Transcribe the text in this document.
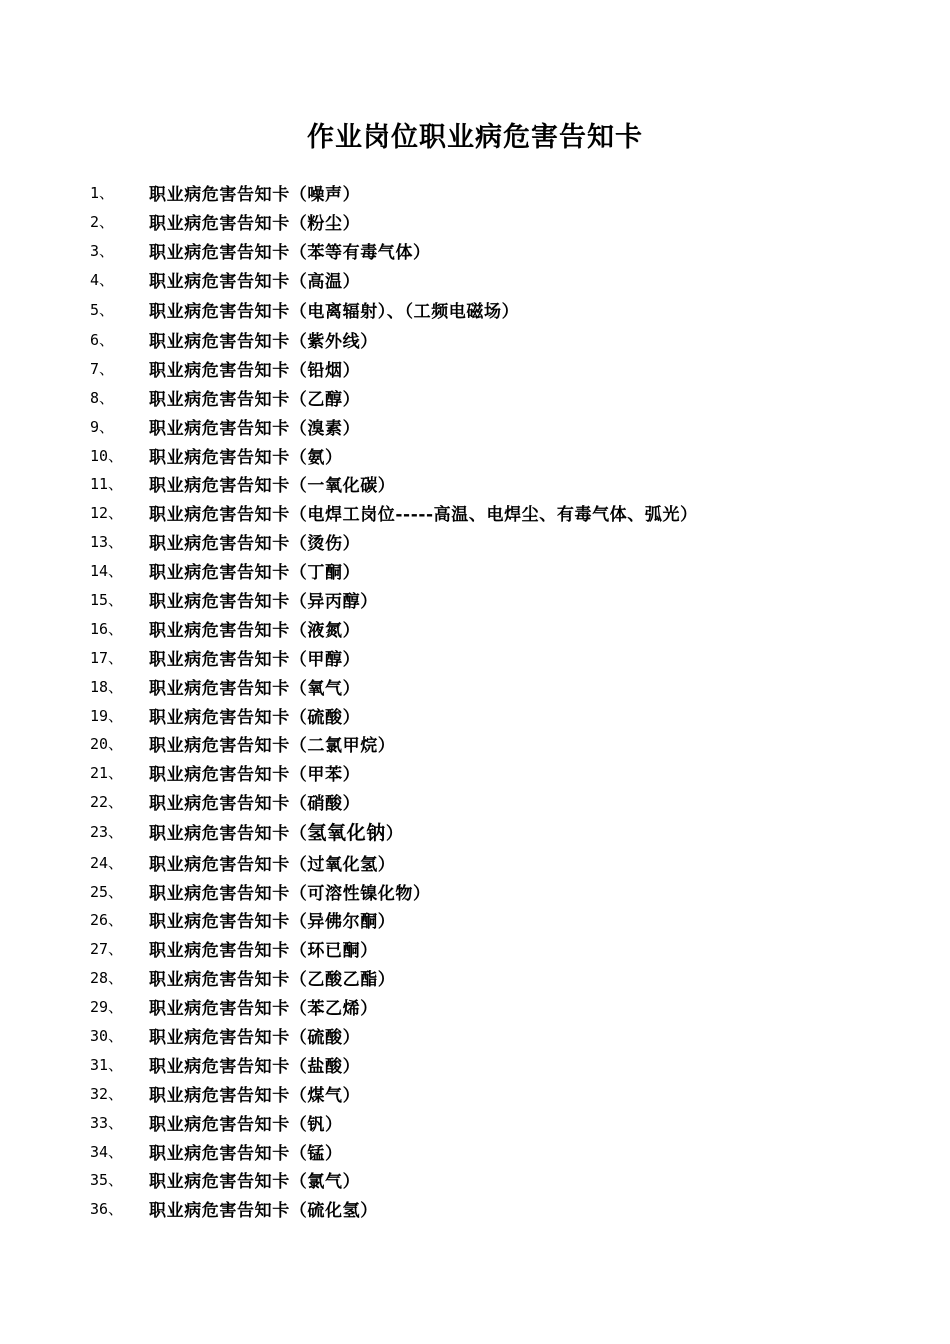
作业岗位职业病危害告知卡
1、	职业病危害告知卡（噪声）
2、	职业病危害告知卡（粉尘）
3、	职业病危害告知卡（苯等有毒气体）
4、	职业病危害告知卡（高温）
5、	职业病危害告知卡（电离辐射）、（工频电磁场）
6、	职业病危害告知卡（紫外线）
7、	职业病危害告知卡（铅烟）
8、	职业病危害告知卡（乙醇）
9、	职业病危害告知卡（溴素）
10、	职业病危害告知卡（氨）
11、	职业病危害告知卡（一氧化碳）
12、	职业病危害告知卡（电焊工岗位-----高温、电焊尘、有毒气体、弧光）
13、	职业病危害告知卡（烫伤）
14、	职业病危害告知卡（丁酮）
15、	职业病危害告知卡（异丙醇）
16、	职业病危害告知卡（液氮）
17、	职业病危害告知卡（甲醇）
18、	职业病危害告知卡（氧气）
19、	职业病危害告知卡（硫酸）
20、	职业病危害告知卡（二氯甲烷）
21、	职业病危害告知卡（甲苯）
22、	职业病危害告知卡（硝酸）
23、	职业病危害告知卡（氢氧化钠）
24、	职业病危害告知卡（过氧化氢）
25、	职业病危害告知卡（可溶性镍化物）
26、	职业病危害告知卡（异佛尔酮）
27、	职业病危害告知卡（环已酮）
28、	职业病危害告知卡（乙酸乙酯）
29、	职业病危害告知卡（苯乙烯）
30、	职业病危害告知卡（硫酸）
31、	职业病危害告知卡（盐酸）
32、	职业病危害告知卡（煤气）
33、	职业病危害告知卡（钒）
34、	职业病危害告知卡（锰）
35、	职业病危害告知卡（氯气）
36、	职业病危害告知卡（硫化氢）
